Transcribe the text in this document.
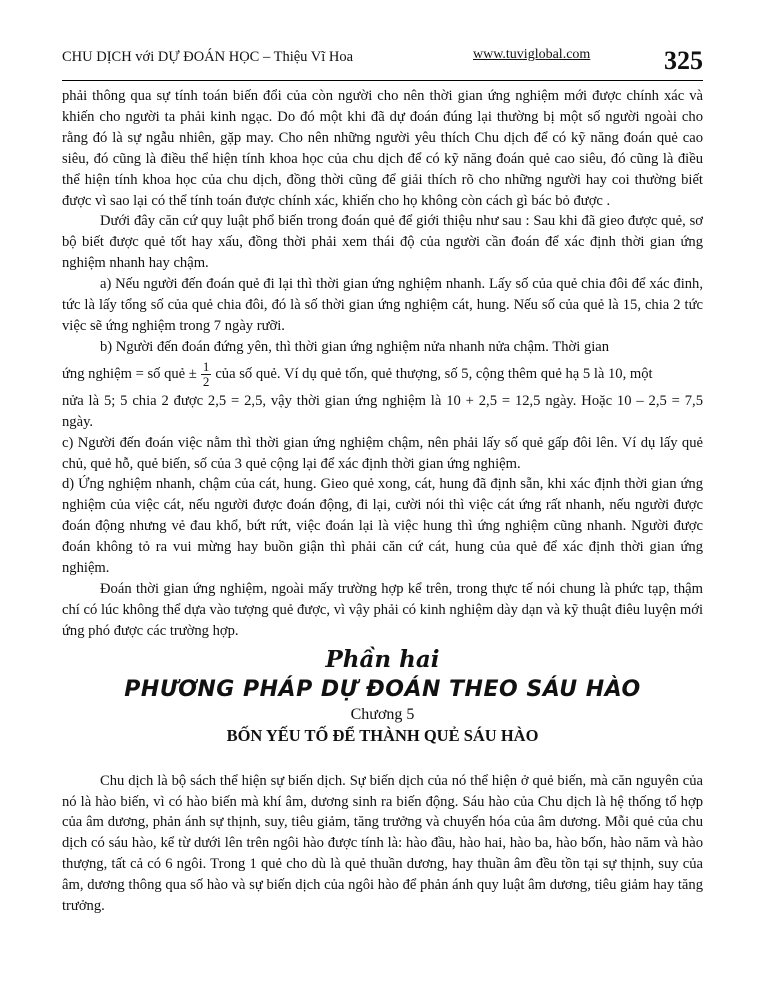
CHU DỊCH với DỰ ĐOÁN HỌC – Thiệu Vĩ Hoa	www.tuviglobal.com	325

phải thông qua sự tính toán biến đổi của còn người cho nên thời gian ứng nghiệm mới được chính xác và khiến cho người ta phải kinh ngạc. Do đó một khi đã dự đoán đúng lại thường bị một số người ngoài cho rằng đó là sự ngẫu nhiên, gặp may. Cho nên những người yêu thích Chu dịch để có kỹ năng đoán quẻ cao siêu, đó cũng là điều thể hiện tính khoa học của chu dịch để có kỹ năng đoán quẻ cao siêu, đó cũng là điều thể hiện tính khoa học của chu dịch, đồng thời cũng để giải thích rõ cho những người hay coi thường biết được vì sao lại có thể tính toán được chính xác, khiến cho họ không còn cách gì bác bỏ được .

Dưới đây căn cứ quy luật phổ biến trong đoán quẻ để giới thiệu như sau : Sau khi đã gieo được quẻ, sơ bộ biết được quẻ tốt hay xấu, đồng thời phải xem thái độ của người cần đoán để xác định thời gian ứng nghiệm nhanh hay chậm.

a) Nếu người đến đoán quẻ đi lại thì thời gian ứng nghiệm nhanh. Lấy số của quẻ chia đôi để xác đinh, tức là lấy tổng số của quẻ chia đôi, đó là số thời gian ứng nghiệm cát, hung. Nếu số của quẻ là 15, chia 2 tức việc sẽ ứng nghiệm trong 7 ngày rưỡi.

b) Người đến đoán đứng yên, thì thời gian ứng nghiệm nửa nhanh nửa chậm. Thời gian

ứng nghiệm = số quẻ ± $\frac{1}{2}$ của số quẻ. Ví dụ quẻ tốn, quẻ thượng, số 5, cộng thêm quẻ hạ 5 là 10, một

nửa là 5; 5 chia 2 được 2,5 = 2,5, vậy thời gian ứng nghiệm là 10 + 2,5 = 12,5 ngày. Hoặc 10 – 2,5 = 7,5 ngày.

c) Người đến đoán việc nằm thì thời gian ứng nghiệm chậm, nên phải lấy số quẻ gấp đôi lên. Ví dụ lấy quẻ chủ, quẻ hỗ, quẻ biến, số của 3 quẻ cộng lại để xác định thời gian ứng nghiệm.

d) Ứng nghiệm nhanh, chậm của cát, hung. Gieo quẻ xong, cát, hung đã định sẵn, khi xác định thời gian ứng nghiệm của việc cát, nếu người được đoán động, đi lại, cười nói thì việc cát ứng rất nhanh, nếu người được đoán động nhưng vẻ đau khổ, bứt rứt, việc đoán lại là việc hung thì ứng nghiệm cũng nhanh. Người được đoán không tỏ ra vui mừng hay buồn giận thì phải căn cứ cát, hung của quẻ để xác định thời gian ứng nghiệm.

Đoán thời gian ứng nghiệm, ngoài mấy trường hợp kể trên, trong thực tế nói chung là phức tạp, thậm chí có lúc không thể dựa vào tượng quẻ được, vì vậy phải có kinh nghiệm dày dạn và kỹ thuật điêu luyện mới ứng phó được các trường hợp.

Phần hai
PHƯƠNG PHÁP DỰ ĐOÁN THEO SÁU HÀO
Chương 5
BỐN YẾU TỐ ĐỂ THÀNH QUẺ SÁU HÀO

Chu dịch là bộ sách thể hiện sự biến dịch. Sự biến dịch của nó thể hiện ở quẻ biến, mà căn nguyên của nó là hào biến, vì có hào biến mà khí âm, dương sinh ra biến động. Sáu hào của Chu dịch là hệ thống tổ hợp của âm dương, phản ánh sự thịnh, suy, tiêu giảm, tăng trưởng và chuyển hóa của âm dương. Mỗi quẻ của chu dịch có sáu hào, kể từ dưới lên trên ngôi hào được tính là: hào đầu, hào hai, hào ba, hào bốn, hào năm và hào thượng, tất cả có 6 ngôi. Trong 1 quẻ cho dù là quẻ thuần dương, hay thuần âm đều tồn tại sự thịnh, suy của âm, dương thông qua số hào và sự biến dịch của ngôi hào để phản ánh quy luật âm dương, tiêu giảm hay tăng trưởng.
